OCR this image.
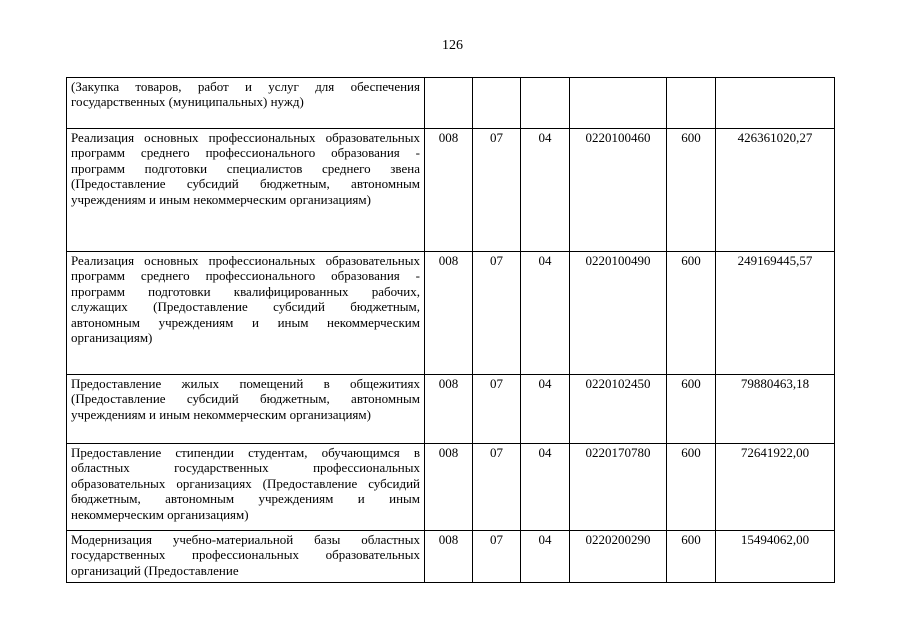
126
(Закупка товаров, работ и услуг для обеспечения государственных (муниципальных) нужд)						
Реализация основных профессиональных образовательных программ среднего профессионального образования - программ подготовки специалистов среднего звена (Предоставление субсидий бюджетным, автономным учреждениям и иным некоммерческим организациям)	008	07	04	0220100460	600	426361020,27
Реализация основных профессиональных образовательных программ среднего профессионального образования - программ подготовки квалифицированных рабочих, служащих (Предоставление субсидий бюджетным, автономным учреждениям и иным некоммерческим организациям)	008	07	04	0220100490	600	249169445,57
Предоставление жилых помещений в общежитиях (Предоставление субсидий бюджетным, автономным учреждениям и иным некоммерческим организациям)	008	07	04	0220102450	600	79880463,18
Предоставление стипендии студентам, обучающимся в областных государственных профессиональных образовательных организациях (Предоставление субсидий бюджетным, автономным учреждениям и иным некоммерческим организациям)	008	07	04	0220170780	600	72641922,00
Модернизация учебно-материальной базы областных государственных профессиональных образовательных организаций (Предоставление	008	07	04	0220200290	600	15494062,00
